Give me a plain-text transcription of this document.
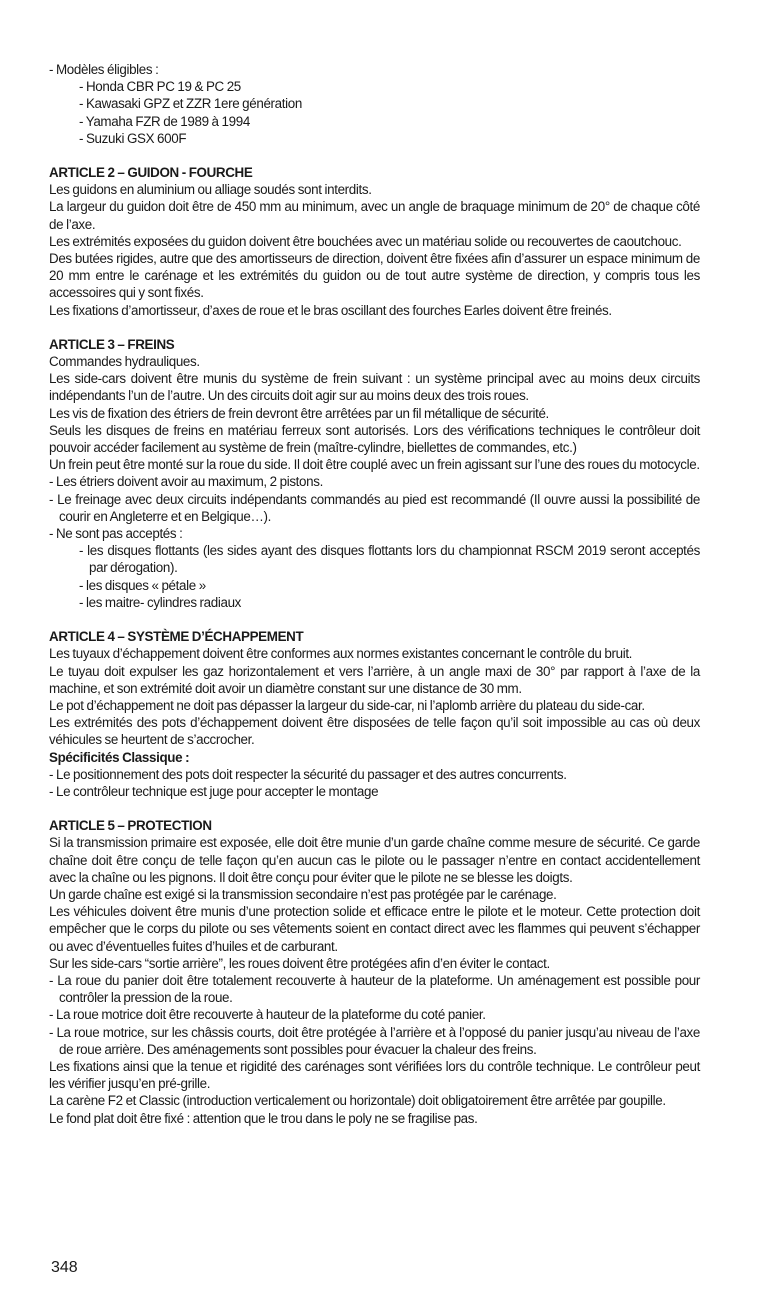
- Modèles éligibles :

- Honda CBR PC 19 & PC 25
- Kawasaki GPZ et ZZR 1ere génération
- Yamaha FZR de 1989 à 1994
- Suzuki GSX 600F
ARTICLE 2 – GUIDON - FOURCHE

Les guidons en aluminium ou alliage soudés sont interdits.

La largeur du guidon doit être de 450 mm au minimum, avec un angle de braquage minimum de 20° de chaque côté de l’axe.

Les extrémités exposées du guidon doivent être bouchées avec un matériau solide ou recouvertes de caoutchouc.

Des butées rigides, autre que des amortisseurs de direction, doivent être fixées afin d’assurer un espace minimum de 20 mm entre le carénage et les extrémités du guidon ou de tout autre système de direction, y compris tous les accessoires qui y sont fixés.

Les fixations d’amortisseur, d’axes de roue et le bras oscillant des fourches Earles doivent être freinés.

ARTICLE 3 – FREINS

Commandes hydrauliques.

Les side-cars doivent être munis du système de frein suivant : un système principal avec au moins deux circuits indépendants l’un de l’autre. Un des circuits doit agir sur au moins deux des trois roues.

Les vis de fixation des étriers de frein devront être arrêtées par un fil métallique de sécurité.

Seuls les disques de freins en matériau ferreux sont autorisés. Lors des vérifications techniques le contrôleur doit pouvoir accéder facilement au système de frein (maître-cylindre, biellettes de commandes, etc.)

Un frein peut être monté sur la roue du side. Il doit être couplé avec un frein agissant sur l’une des roues du motocycle.

- Les étriers doivent avoir au maximum, 2 pistons.
- Le freinage avec deux circuits indépendants commandés au pied est recommandé (Il ouvre aussi la possibilité de courir en Angleterre et en Belgique…).
- Ne sont pas acceptés :
- les disques flottants (les sides ayant des disques flottants lors du championnat RSCM 2019 seront acceptés par dérogation).
- les disques « pétale »
- les maitre- cylindres radiaux
ARTICLE 4 – SYSTÈME D’ÉCHAPPEMENT

Les tuyaux d’échappement doivent être conformes aux normes existantes concernant le contrôle du bruit.

Le tuyau doit expulser les gaz horizontalement et vers l’arrière, à un angle maxi de 30° par rapport à l’axe de la machine, et son extrémité doit avoir un diamètre constant sur une distance de 30 mm.

Le pot d’échappement ne doit pas dépasser la largeur du side-car, ni l’aplomb arrière du plateau du side-car.

Les extrémités des pots d’échappement doivent être disposées de telle façon qu’il soit impossible au cas où deux véhicules se heurtent de s’accrocher.

Spécificités Classique :

- Le positionnement des pots doit respecter la sécurité du passager et des autres concurrents.
- Le contrôleur technique est juge pour accepter le montage
ARTICLE 5 – PROTECTION

Si la transmission primaire est exposée, elle doit être munie d’un garde chaîne comme mesure de sécurité. Ce garde chaîne doit être conçu de telle façon qu’en aucun cas le pilote ou le passager n’entre en contact accidentellement avec la chaîne ou les pignons. Il doit être conçu pour éviter que le pilote ne se blesse les doigts.

Un garde chaîne est exigé si la transmission secondaire n’est pas protégée par le carénage.

Les véhicules doivent être munis d’une protection solide et efficace entre le pilote et le moteur. Cette protection doit empêcher que le corps du pilote ou ses vêtements soient en contact direct avec les flammes qui peuvent s’échapper ou avec d’éventuelles fuites d’huiles et de carburant.

Sur les side-cars “sortie arrière”, les roues doivent être protégées afin d’en éviter le contact.

- La roue du panier doit être totalement recouverte à hauteur de la plateforme. Un aménagement est possible pour contrôler la pression de la roue.
- La roue motrice doit être recouverte à hauteur de la plateforme du coté panier.
- La roue motrice, sur les châssis courts, doit être protégée à l’arrière et à l’opposé du panier jusqu’au niveau de l’axe de roue arrière. Des aménagements sont possibles pour évacuer la chaleur des freins.

Les fixations ainsi que la tenue et rigidité des carénages sont vérifiées lors du contrôle technique. Le contrôleur peut les vérifier jusqu’en pré-grille.

La carène F2 et Classic (introduction verticalement ou horizontale) doit obligatoirement être arrêtée par goupille.

Le fond plat doit être fixé : attention que le trou dans le poly ne se fragilise pas.

348
